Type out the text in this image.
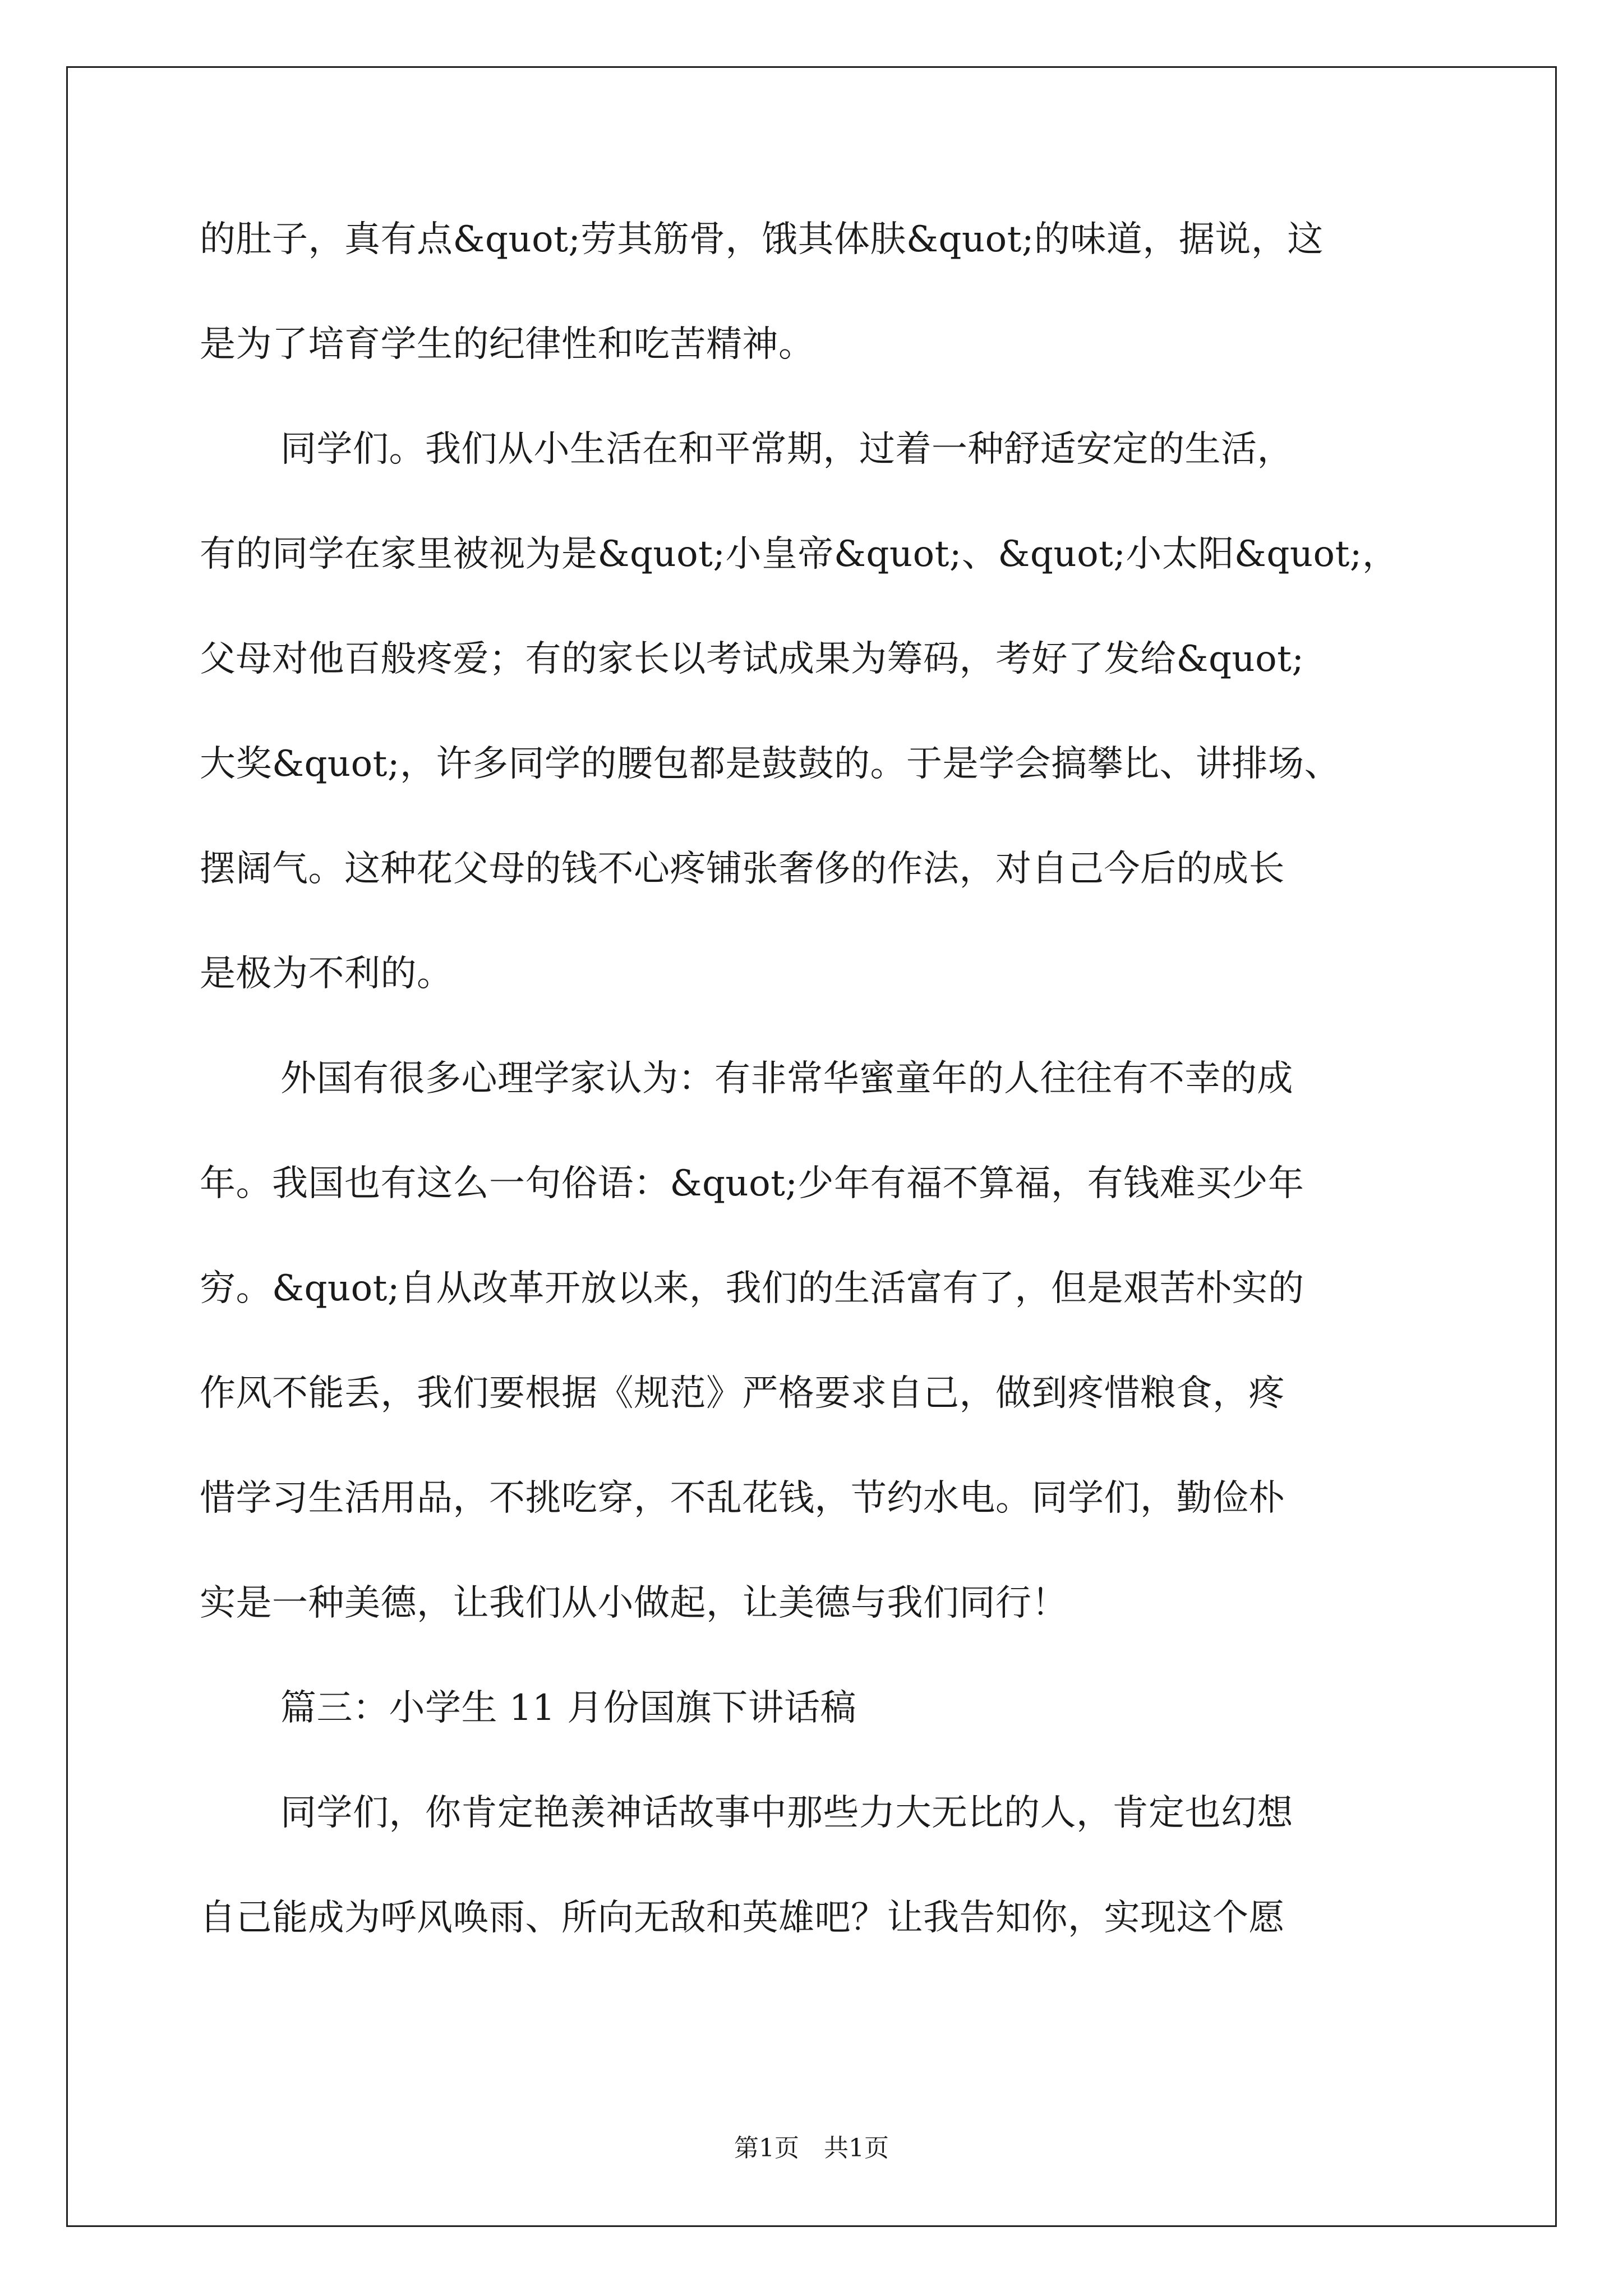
的肚子，真有点&quot;劳其筋骨，饿其体肤&quot;的味道，据说，这
是为了培育学生的纪律性和吃苦精神。
同学们。我们从小生活在和平常期，过着一种舒适安定的生活，
有的同学在家里被视为是&quot;小皇帝&quot;、&quot;小太阳&quot;，
父母对他百般疼爱；有的家长以考试成果为筹码，考好了发给&quot;
大奖&quot;，许多同学的腰包都是鼓鼓的。于是学会搞攀比、讲排场、
摆阔气。这种花父母的钱不心疼铺张奢侈的作法，对自己今后的成长
是极为不利的。
外国有很多心理学家认为：有非常华蜜童年的人往往有不幸的成
年。我国也有这么一句俗语：&quot;少年有福不算福，有钱难买少年
穷。&quot;自从改革开放以来，我们的生活富有了，但是艰苦朴实的
作风不能丢，我们要根据《规范》严格要求自己，做到疼惜粮食，疼
惜学习生活用品，不挑吃穿，不乱花钱，节约水电。同学们，勤俭朴
实是一种美德，让我们从小做起，让美德与我们同行！
篇三：小学生 11 月份国旗下讲话稿
同学们，你肯定艳羡神话故事中那些力大无比的人，肯定也幻想
自己能成为呼风唤雨、所向无敌和英雄吧？让我告知你，实现这个愿
第1页　共1页
